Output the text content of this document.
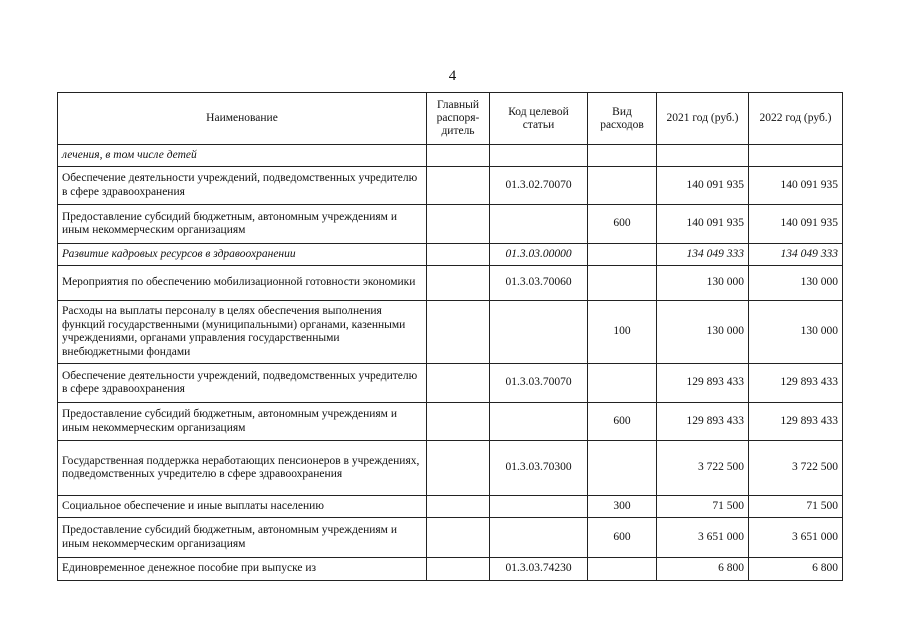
4
Наименование	Главный распоря-дитель	Код целевой статьи	Вид расходов	2021 год (руб.)	2022 год (руб.)
лечения, в том числе детей					
Обеспечение деятельности учреждений, подведомственных учредителю в сфере здравоохранения		01.3.02.70070		140 091 935	140 091 935
Предоставление субсидий бюджетным, автономным учреждениям и иным некоммерческим организациям			600	140 091 935	140 091 935
Развитие кадровых ресурсов в здравоохранении		01.3.03.00000		134 049 333	134 049 333
Мероприятия по обеспечению мобилизационной готовности экономики		01.3.03.70060		130 000	130 000
Расходы на выплаты персоналу в целях обеспечения выполнения функций государственными (муниципальными) органами, казенными учреждениями, органами управления государственными внебюджетными фондами			100	130 000	130 000
Обеспечение деятельности учреждений, подведомственных учредителю в сфере здравоохранения		01.3.03.70070		129 893 433	129 893 433
Предоставление субсидий бюджетным, автономным учреждениям и иным некоммерческим организациям			600	129 893 433	129 893 433
Государственная поддержка неработающих пенсионеров в учреждениях, подведомственных учредителю в сфере здравоохранения		01.3.03.70300		3 722 500	3 722 500
Социальное обеспечение и иные выплаты населению			300	71 500	71 500
Предоставление субсидий бюджетным, автономным учреждениям и иным некоммерческим организациям			600	3 651 000	3 651 000
Единовременное денежное пособие при выпуске из		01.3.03.74230		6 800	6 800
